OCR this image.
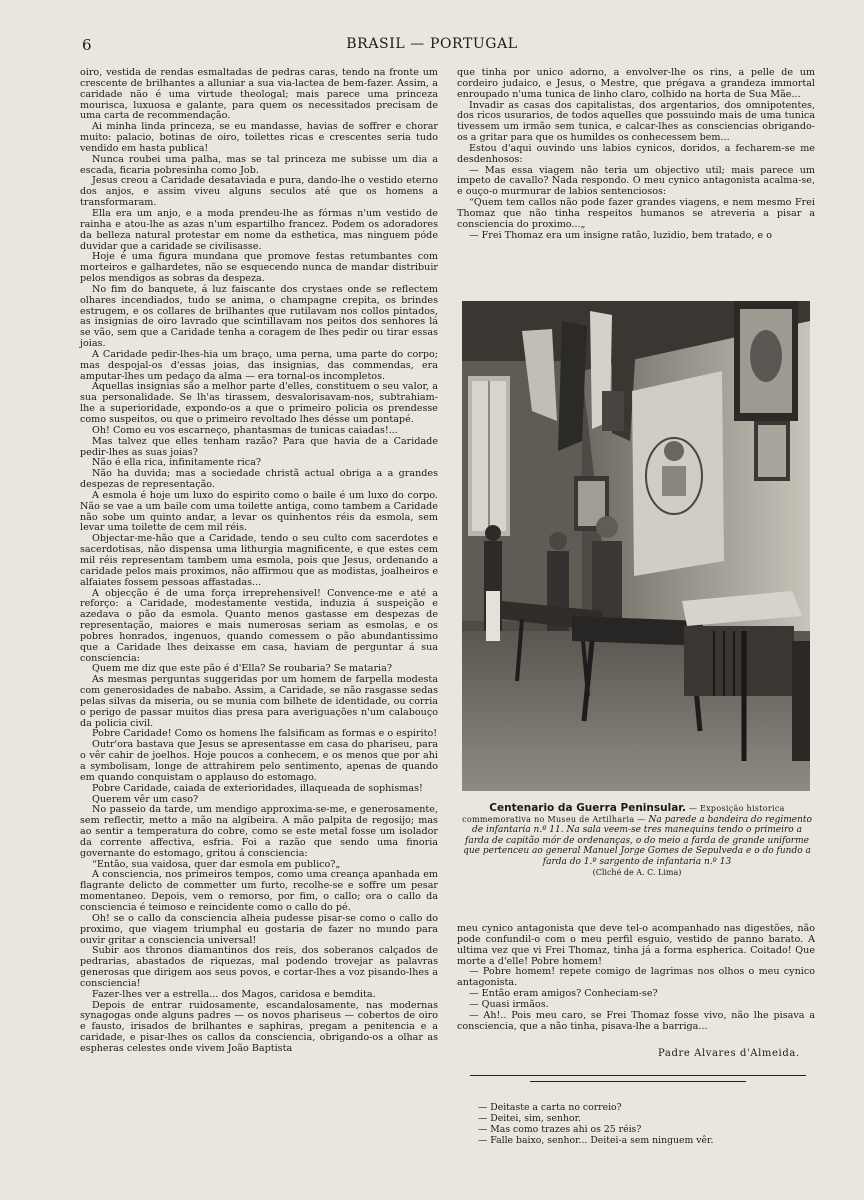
6	BRASIL — PORTUGAL

oiro, vestida de rendas esmaltadas de pedras caras, tendo na fronte um crescente de brilhantes a alluniar a sua via-lactea de bem-fazer. Assim, a caridade não é uma virtude theologal; mais parece uma princeza mourisca, luxuosa e galante, para quem os necessitados precisam de uma carta de recommendação.

Ai minha linda princeza, se eu mandasse, havias de soffrer e chorar muito: palacio, botinas de oiro, toilettes ricas e crescentes seria tudo vendido em hasta publica!

Nunca roubei uma palha, mas se tal princeza me subisse um dia a escada, ficaria pobresinha como Job.

Jesus creou a Caridade desataviada e pura, dando-lhe o vestido eterno dos anjos, e assim viveu alguns seculos até que os homens a transformaram.

Ella era um anjo, e a moda prendeu-lhe as fórmas n'um vestido de rainha e atou-lhe as azas n'um espartilho francez. Podem os adoradores da belleza natural protestar em nome da esthetica, mas ninguem póde duvidar que a caridade se civilisasse.

Hoje é uma figura mundana que promove festas retumbantes com morteiros e galhardetes, não se esquecendo nunca de mandar distribuir pelos mendigos as sobras da despeza.

No fim do banquete, á luz faiscante dos crystaes onde se reflectem olhares incendiados, tudo se anima, o champagne crepita, os brindes estrugem, e os collares de brilhantes que rutilavam nos collos pintados, as insignias de oiro lavrado que scintillavam nos peitos dos senhores lá se vão, sem que a Caridade tenha a coragem de lhes pedir ou tirar essas joias.

A Caridade pedir-lhes-hia um braço, uma perna, uma parte do corpo; mas despojal-os d'essas joias, das insignias, das commendas, era amputar-lhes um pedaço da alma — era tornal-os incompletos.

Aquellas insignias são a melhor parte d'elles, constituem o seu valor, a sua personalidade. Se lh'as tirassem, desvalorisavam-nos, subtrahiam-lhe a superioridade, expondo-os a que o primeiro policia os prendesse como suspeitos, ou que o primeiro revoltado lhes désse um pontapé.

Oh! Como eu vos escarneço, phantasmas de tunicas caiadas!...

Mas talvez que elles tenham razão? Para que havia de a Caridade pedir-lhes as suas joias?

Não é ella rica, infinitamente rica?

Não ha duvida; mas a sociedade christã actual obriga a a grandes despezas de representação.

A esmola é hoje um luxo do espirito como o baile é um luxo do corpo. Não se vae a um baile com uma toilette antiga, como tambem a Caridade não sobe um quinto andar, a levar os quinhentos réis da esmola, sem levar uma toilette de cem mil réis.

Objectar-me-hão que a Caridade, tendo o seu culto com sacerdotes e sacerdotisas, não dispensa uma lithurgia magnificente, e que estes cem mil réis representam tambem uma esmola, pois que Jesus, ordenando a caridade pelos mais proximos, não affirmou que as modistas, joalheiros e alfaiates fossem pessoas affastadas...

A objecção é de uma força irreprehensivel! Convence-me e até a reforço: a Caridade, modestamente vestida, induzia á suspeição e azedava o pão da esmola. Quanto menos gastasse em despezas de representação, maiores e mais numerosas seriam as esmolas, e os pobres honrados, ingenuos, quando comessem o pão abundantissimo que a Caridade lhes deixasse em casa, haviam de perguntar á sua consciencia:

Quem me diz que este pão é d'Ella? Se roubaria? Se mataria?

As mesmas perguntas suggeridas por um homem de farpella modesta com generosidades de nababo. Assim, a Caridade, se não rasgasse sedas pelas silvas da miseria, ou se munia com bilhete de identidade, ou corria o perigo de passar muitos dias presa para averiguações n'um calabouço da policia civil.

Pobre Caridade! Como os homens lhe falsificam as formas e o espirito!

Outr'ora bastava que Jesus se apresentasse em casa do phariseu, para o vêr cahir de joelhos. Hoje poucos a conhecem, e os menos que por ahi a symbolisam, longe de attrahirem pelo sentimento, apenas de quando em quando conquistam o applauso do estomago.

Pobre Caridade, caiada de exterioridades, illaqueada de sophismas!

Querem vêr um caso?

No passeio da tarde, um mendigo approxima-se-me, e generosamente, sem reflectir, metto a mão na algibeira. A mão palpita de regosijo; mas ao sentir a temperatura do cobre, como se este metal fosse um isolador da corrente affectiva, esfria. Foi a razão que sendo uma finoria governante do estomago, gritou á consciencia:

“Então, sua vaidosa, quer dar esmola em publico?„

A consciencia, nos primeiros tempos, como uma creança apanhada em flagrante delicto de commetter um furto, recolhe-se e soffre um pesar momentaneo. Depois, vem o remorso, por fim, o callo; ora o callo da consciencia é teimoso e reincidente como o callo do pé.

Oh! se o callo da consciencia alheia pudesse pisar-se como o callo do proximo, que viagem triumphal eu gostaria de fazer no mundo para ouvir gritar a consciencia universal!

Subir aos thronos diamantinos dos reis, dos soberanos calçados de pedrarias, abastados de riquezas, mal podendo trovejar as palavras generosas que dirigem aos seus povos, e cortar-lhes a voz pisando-lhes a consciencia!

Fazer-lhes ver a estrella... dos Magos, caridosa e bemdita.

Depois de entrar ruidosamente, escandalosamente, nas modernas synagogas onde alguns padres — os novos phariseus — cobertos de oiro e fausto, irisados de brilhantes e saphiras, pregam a penitencia e a caridade, e pisar-lhes os callos da consciencia, obrigando-os a olhar as espheras celestes onde vivem João Baptista

que tinha por unico adorno, a envolver-lhe os rins, a pelle de um cordeiro judaico, e Jesus, o Mestre, que prégava a grandeza immortal enroupado n'uma tunica de linho claro, colhido na horta de Sua Mãe...

Invadir as casas dos capitalistas, dos argentarios, dos omnipotentes, dos ricos usurarios, de todos aquelles que possuindo mais de uma tunica tivessem um irmão sem tunica, e calcar-lhes as consciencias obrigando-os a gritar para que os humildes os conhecessem bem...

Estou d'aqui ouvindo uns labios cynicos, doridos, a fecharem-se me desdenhosos:

— Mas essa viagem não teria um objectivo util; mais parece um impeto de cavallo? Nada respondo. O meu cynico antagonista acalma-se, e ouço-o murmurar de labios sentenciosos:

“Quem tem callos não pode fazer grandes viagens, e nem mesmo Frei Thomaz que não tinha respeitos humanos se atreveria a pisar a consciencia do proximo...„

— Frei Thomaz era um insigne ratão, luzidio, bem tratado, e o

Centenario da Guerra Peninsular. — Exposição historica commemorativa no Museu de Artilharia — Na parede a bandeira do regimento de infantaria n.º 11. Na sala veem-se tres manequins tendo o primeiro a farda de capitão mór de ordenanças, o do meio a farda de grande uniforme que pertenceu ao general Manuel Jorge Gomes de Sepulveda e o do fundo a farda do 1.º sargento de infantaria n.º 13
(Cliché de A. C. Lima)

meu cynico antagonista que deve tel-o acompanhado nas digestões, não pode confundil-o com o meu perfil esguio, vestido de panno barato. A ultima vez que vi Frei Thomaz, tinha já a forma espherica. Coitado! Que morte a d'elle! Pobre homem!

— Pobre homem! repete comigo de lagrimas nos olhos o meu cynico antagonista.

— Então eram amigos? Conheciam-se?

— Quasi irmãos.

— Ah!.. Pois meu caro, se Frei Thomaz fosse vivo, não lhe pisava a consciencia, que a não tinha, pisava-lhe a barriga...

Padre Alvares d'Almeida.
— Deitaste a carta no correio?
— Deitei, sim, senhor.
— Mas como trazes ahi os 25 réis?
— Falle baixo, senhor... Deitei-a sem ninguem vêr.
